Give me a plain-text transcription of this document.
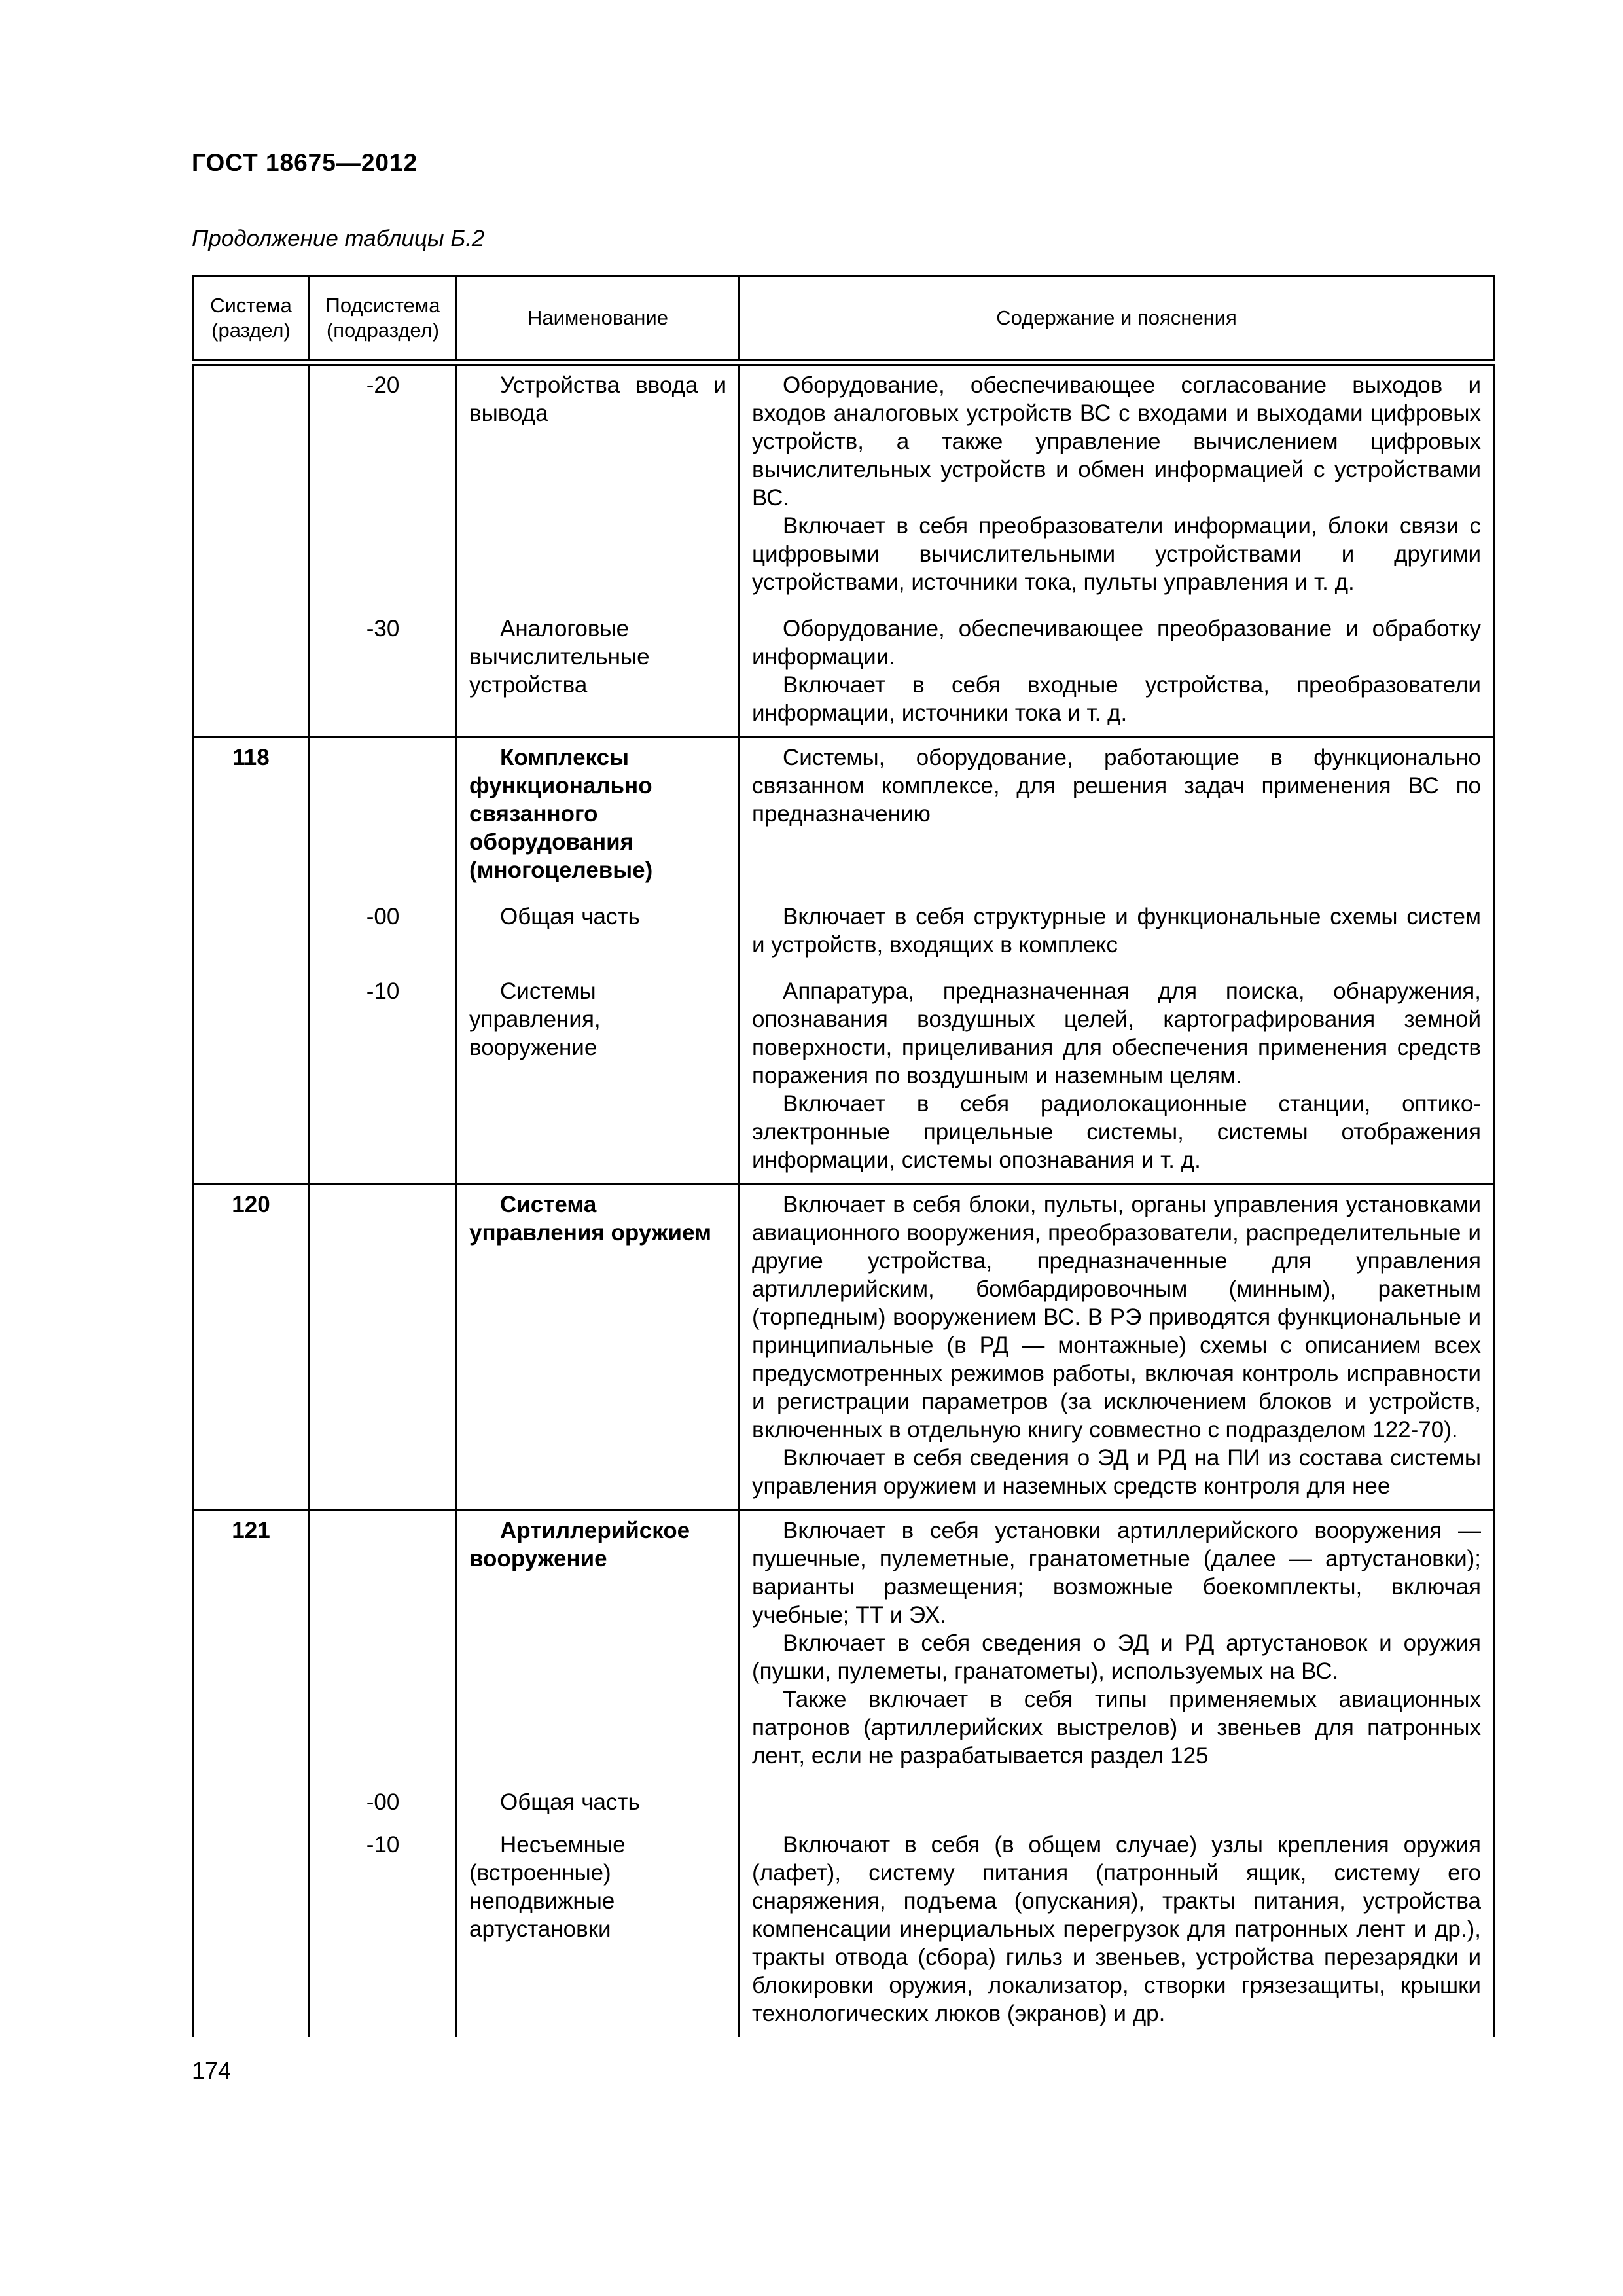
ГОСТ 18675—2012
Продолжение таблицы Б.2
Система (раздел)	Подсистема (подраздел)	Наименование	Содержание и пояснения
	-20	Устройства ввода и вывода	Оборудование, обеспечивающее согласование выходов и входов аналоговых устройств ВС с входами и выходами цифровых устройств, а также управление вычислением цифровых вычислительных устройств и обмен информацией с устройствами ВС.

Включает в себя преобразователи информации, блоки связи с цифровыми вычислительными устройствами и другими устройствами, источники тока, пульты управления и т. д.

	-30	Аналоговые вычислительные устройства	Оборудование, обеспечивающее преобразование и обработку информации.

Включает в себя входные устройства, преобразователи информации, источники тока и т. д.

118		Комплексы функционально связанного оборудования (многоцелевые)	Системы, оборудование, работающие в функционально связанном комплексе, для решения задач применения ВС по предназначению

	-00	Общая часть	Включает в себя структурные и функциональные схемы систем и устройств, входящих в комплекс

	-10	Системы управления, вооружение	Аппаратура, предназначенная для поиска, обнаружения, опознавания воздушных целей, картографирования земной поверхности, прицеливания для обеспечения применения средств поражения по воздушным и наземным целям.

Включает в себя радиолокационные станции, оптико-электронные прицельные системы, системы отображения информации, системы опознавания и т. д.

120		Система управления оружием	Включает в себя блоки, пульты, органы управления установками авиационного вооружения, преобразователи, распределительные и другие устройства, предназначенные для управления артиллерийским, бомбардировочным (минным), ракетным (торпедным) вооружением ВС. В РЭ приводятся функциональные и принципиальные (в РД — монтажные) схемы с описанием всех предусмотренных режимов работы, включая контроль исправности и регистрации параметров (за исключением блоков и устройств, включенных в отдельную книгу совместно с подразделом 122-70).

Включает в себя сведения о ЭД и РД на ПИ из состава системы управления оружием и наземных средств контроля для нее

121		Артиллерийское вооружение	Включает в себя установки артиллерийского вооружения — пушечные, пулеметные, гранатометные (далее — артустановки); варианты размещения; возможные боекомплекты, включая учебные; ТТ и ЭХ.

Включает в себя сведения о ЭД и РД артустановок и оружия (пушки, пулеметы, гранатометы), используемых на ВС.

Также включает в себя типы применяемых авиационных патронов (артиллерийских выстрелов) и звеньев для патронных лент, если не разрабатывается раздел 125

	-00	Общая часть	

	-10	Несъемные (встроенные) неподвижные артустановки	Включают в себя (в общем случае) узлы крепления оружия (лафет), систему питания (патронный ящик, систему его снаряжения, подъема (опускания), тракты питания, устройства компенсации инерциальных перегрузок для патронных лент и др.), тракты отвода (сбора) гильз и звеньев, устройства перезарядки и блокировки оружия, локализатор, створки грязезащиты, крышки технологических люков (экранов) и др.

174
